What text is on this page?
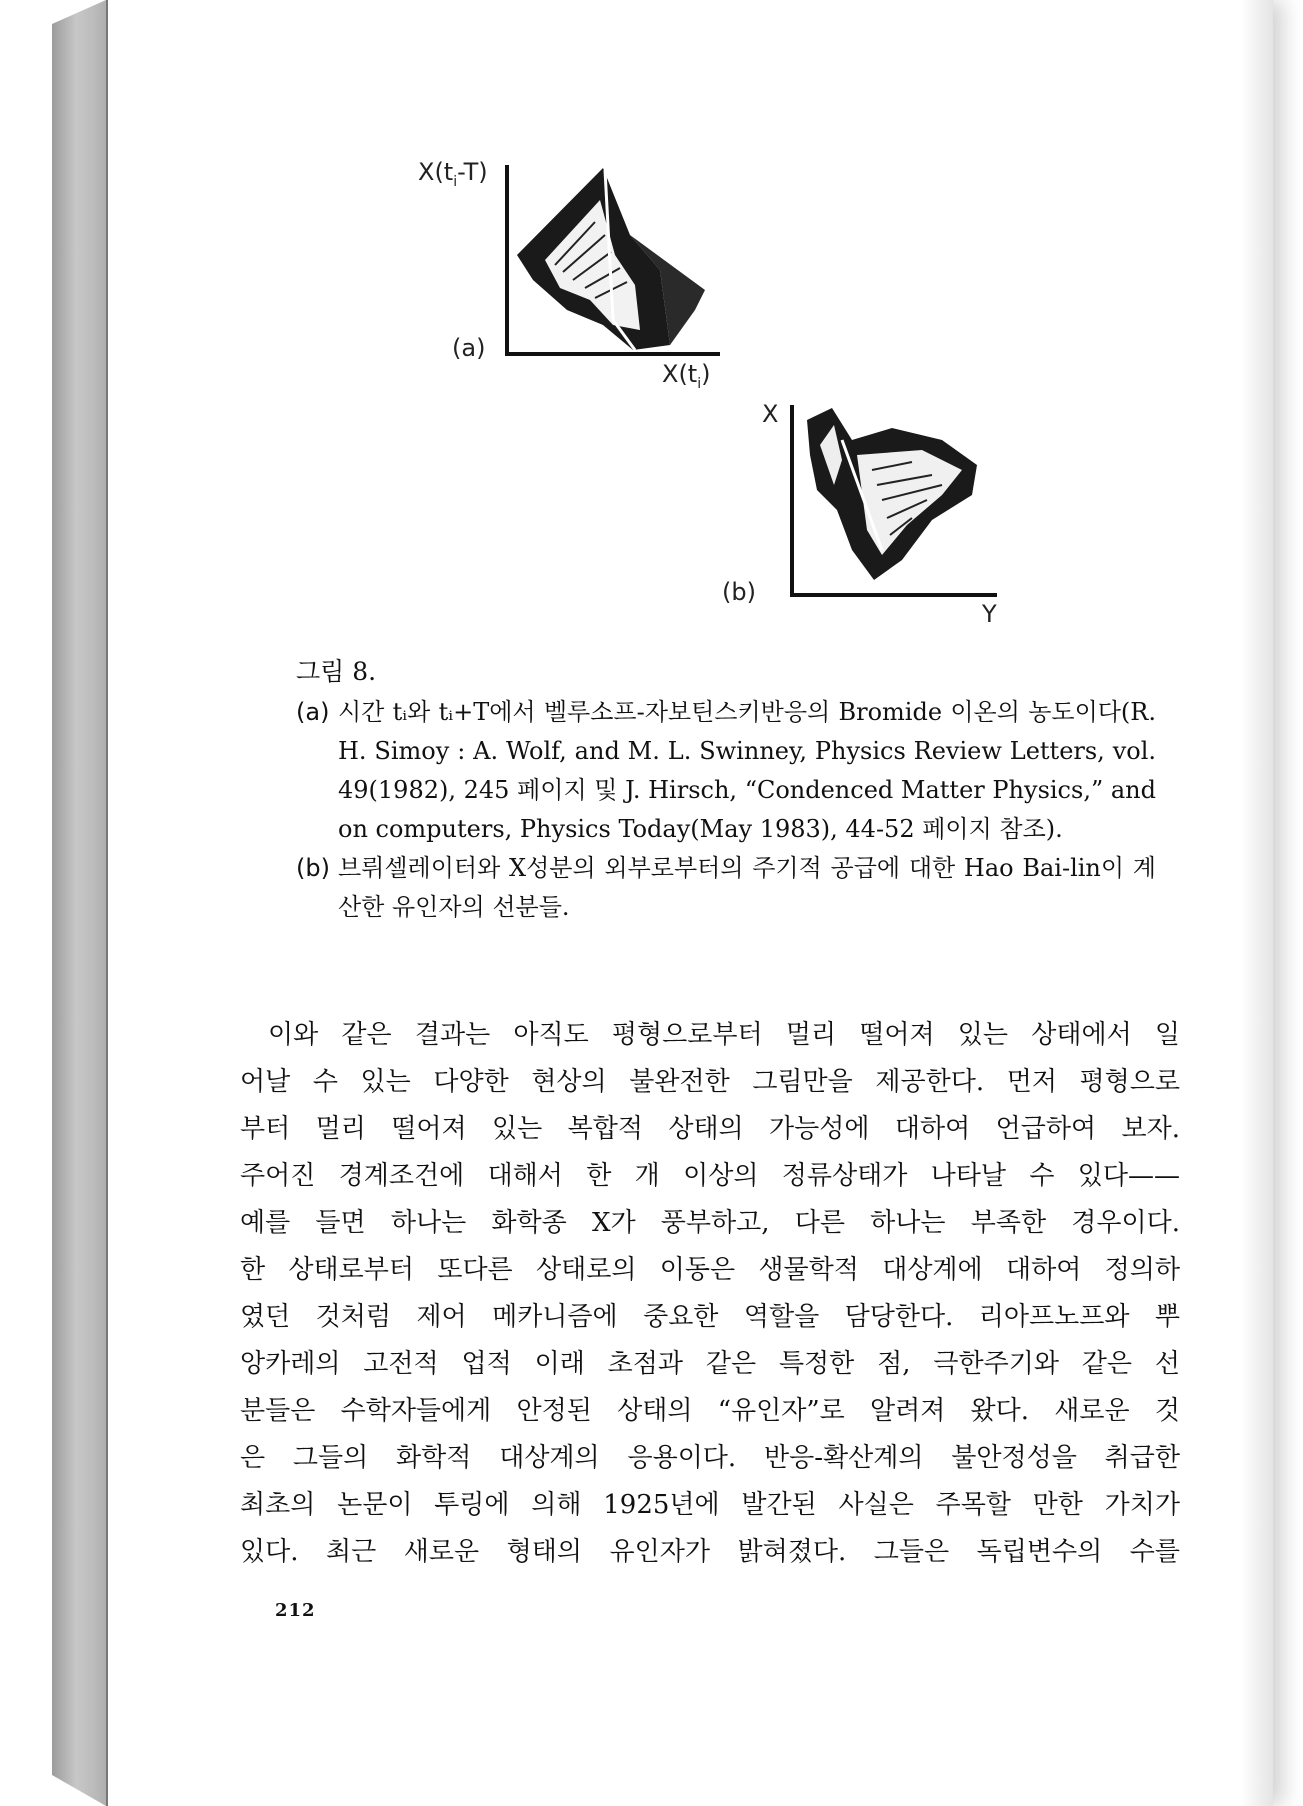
$X(t_i-T)$
(a)
$X(t_i)$
X
(b)
Y
그림 8.
(a) 시간 tᵢ와 tᵢ+T에서 벨루소프-자보틴스키반응의 Bromide 이온의 농도이다(R. H. Simoy : A. Wolf, and M. L. Swinney, Physics Review Letters, vol. 49(1982), 245 페이지 및 J. Hirsch, “Condenced Matter Physics,” and on computers, Physics Today(May 1983), 44-52 페이지 참조).
(b) 브뤼셀레이터와 X성분의 외부로부터의 주기적 공급에 대한 Hao Bai-lin이 계산한 유인자의 선분들.
이와 같은 결과는 아직도 평형으로부터 멀리 떨어져 있는 상태에서 일
어날 수 있는 다양한 현상의 불완전한 그림만을 제공한다. 먼저 평형으로
부터 멀리 떨어져 있는 복합적 상태의 가능성에 대하여 언급하여 보자.
주어진 경계조건에 대해서 한 개 이상의 정류상태가 나타날 수 있다——
예를 들면 하나는 화학종 X가 풍부하고, 다른 하나는 부족한 경우이다.
한 상태로부터 또다른 상태로의 이동은 생물학적 대상계에 대하여 정의하
였던 것처럼 제어 메카니즘에 중요한 역할을 담당한다. 리아프노프와 뿌
앙카레의 고전적 업적 이래 초점과 같은 특정한 점, 극한주기와 같은 선
분들은 수학자들에게 안정된 상태의 “유인자”로 알려져 왔다. 새로운 것
은 그들의 화학적 대상계의 응용이다. 반응-확산계의 불안정성을 취급한
최초의 논문이 투링에 의해 1925년에 발간된 사실은 주목할 만한 가치가
있다. 최근 새로운 형태의 유인자가 밝혀졌다. 그들은 독립변수의 수를
212
